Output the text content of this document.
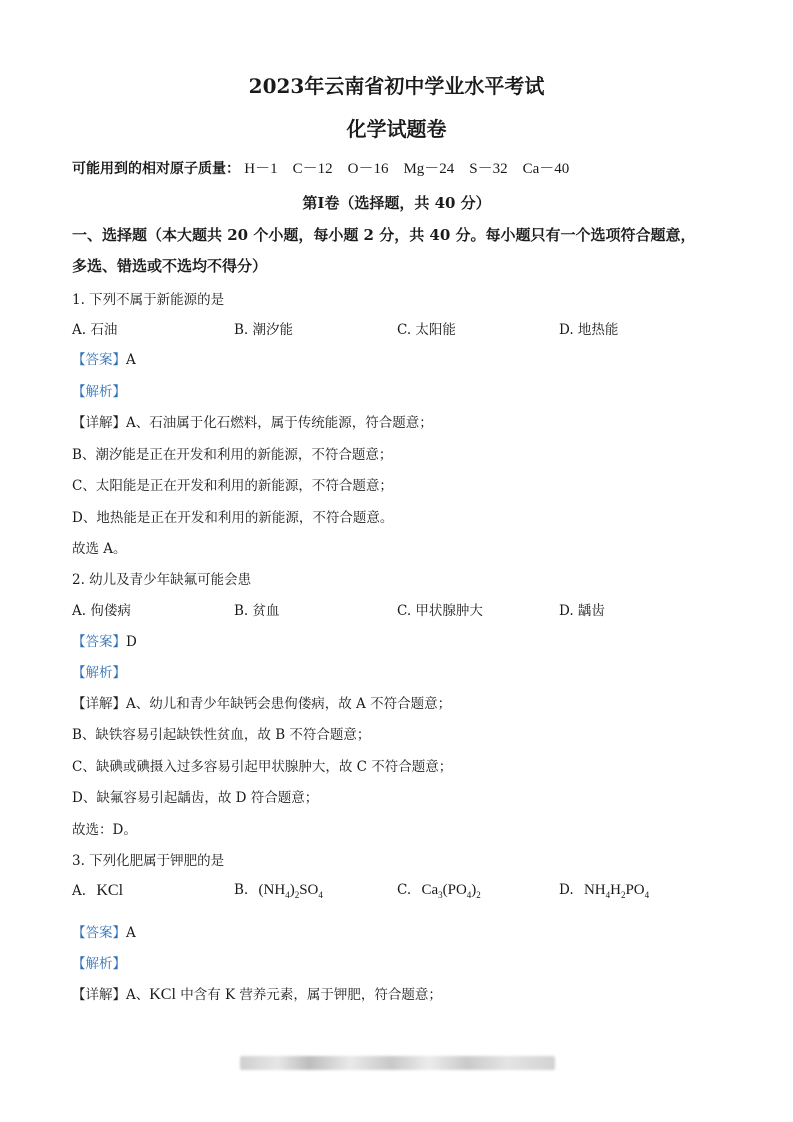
2023年云南省初中学业水平考试
化学试题卷
可能用到的相对原子质量： H－1　C－12　O－16　Mg－24　S－32　Ca－40
第Ⅰ卷（选择题，共 40 分）
一、选择题（本大题共 20 个小题，每小题 2 分，共 40 分。每小题只有一个选项符合题意，
多选、错选或不选均不得分）
1. 下列不属于新能源的是
A. 石油	B. 潮汐能	C. 太阳能	D. 地热能
【答案】A
【解析】
【详解】A、石油属于化石燃料，属于传统能源，符合题意；
B、潮汐能是正在开发和利用的新能源，不符合题意；
C、太阳能是正在开发和利用的新能源，不符合题意；
D、地热能是正在开发和利用的新能源，不符合题意。
故选 A。
2. 幼儿及青少年缺氟可能会患
A. 佝偻病	B. 贫血	C. 甲状腺肿大	D. 龋齿
【答案】D
【解析】
【详解】A、幼儿和青少年缺钙会患佝偻病，故 A 不符合题意；
B、缺铁容易引起缺铁性贫血，故 B 不符合题意；
C、缺碘或碘摄入过多容易引起甲状腺肿大，故 C 不符合题意；
D、缺氟容易引起龋齿，故 D 符合题意；
故选：D。
3. 下列化肥属于钾肥的是
A. KCl	B. $(NH_4)_2SO_4$	C. $Ca_3(PO_4)_2$	D. $NH_4H_2PO_4$
【答案】A
【解析】
【详解】A、KCl 中含有 K 营养元素，属于钾肥，符合题意；
